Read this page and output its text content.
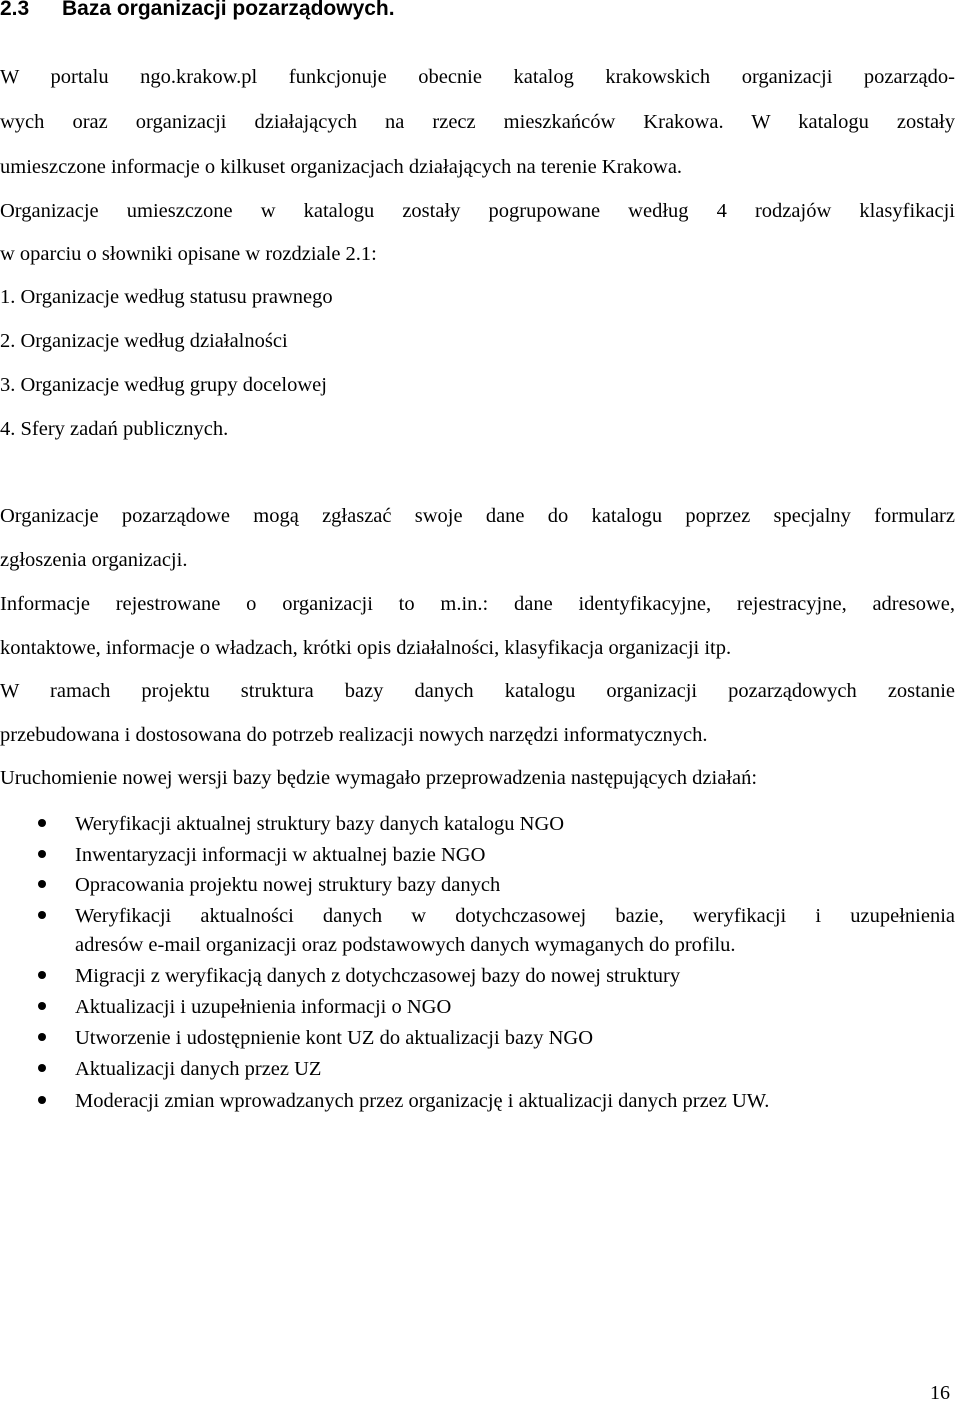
2.3 Baza organizacji pozarządowych.
W portalu ngo.krakow.pl funkcjonuje obecnie katalog krakowskich organizacji pozarządo-
wych oraz organizacji działających na rzecz mieszkańców Krakowa. W katalogu zostały
umieszczone informacje o kilkuset organizacjach działających na terenie Krakowa.
Organizacje umieszczone w katalogu zostały pogrupowane według 4 rodzajów klasyfikacji
w oparciu o słowniki opisane w rozdziale 2.1:
1. Organizacje według statusu prawnego
2. Organizacje według działalności
3. Organizacje według grupy docelowej
4. Sfery zadań publicznych.
Organizacje pozarządowe mogą zgłaszać swoje dane do katalogu poprzez specjalny formularz
zgłoszenia organizacji.
Informacje rejestrowane o organizacji to m.in.: dane identyfikacyjne, rejestracyjne, adresowe,
kontaktowe, informacje o władzach, krótki opis działalności, klasyfikacja organizacji itp.
W ramach projektu struktura bazy danych katalogu organizacji pozarządowych zostanie
przebudowana i dostosowana do potrzeb realizacji nowych narzędzi informatycznych.
Uruchomienie nowej wersji bazy będzie wymagało przeprowadzenia następujących działań:
Weryfikacji aktualnej struktury bazy danych katalogu NGO
Inwentaryzacji informacji w aktualnej bazie NGO
Opracowania projektu nowej struktury bazy danych
Weryfikacji aktualności danych w dotychczasowej bazie, weryfikacji i uzupełnienia
adresów e-mail organizacji oraz podstawowych danych wymaganych do profilu.
Migracji z weryfikacją danych z dotychczasowej bazy do nowej struktury
Aktualizacji i uzupełnienia informacji o NGO
Utworzenie i udostępnienie kont UZ do aktualizacji bazy NGO
Aktualizacji danych przez UZ
Moderacji zmian wprowadzanych przez organizację i aktualizacji danych przez UW.
16
